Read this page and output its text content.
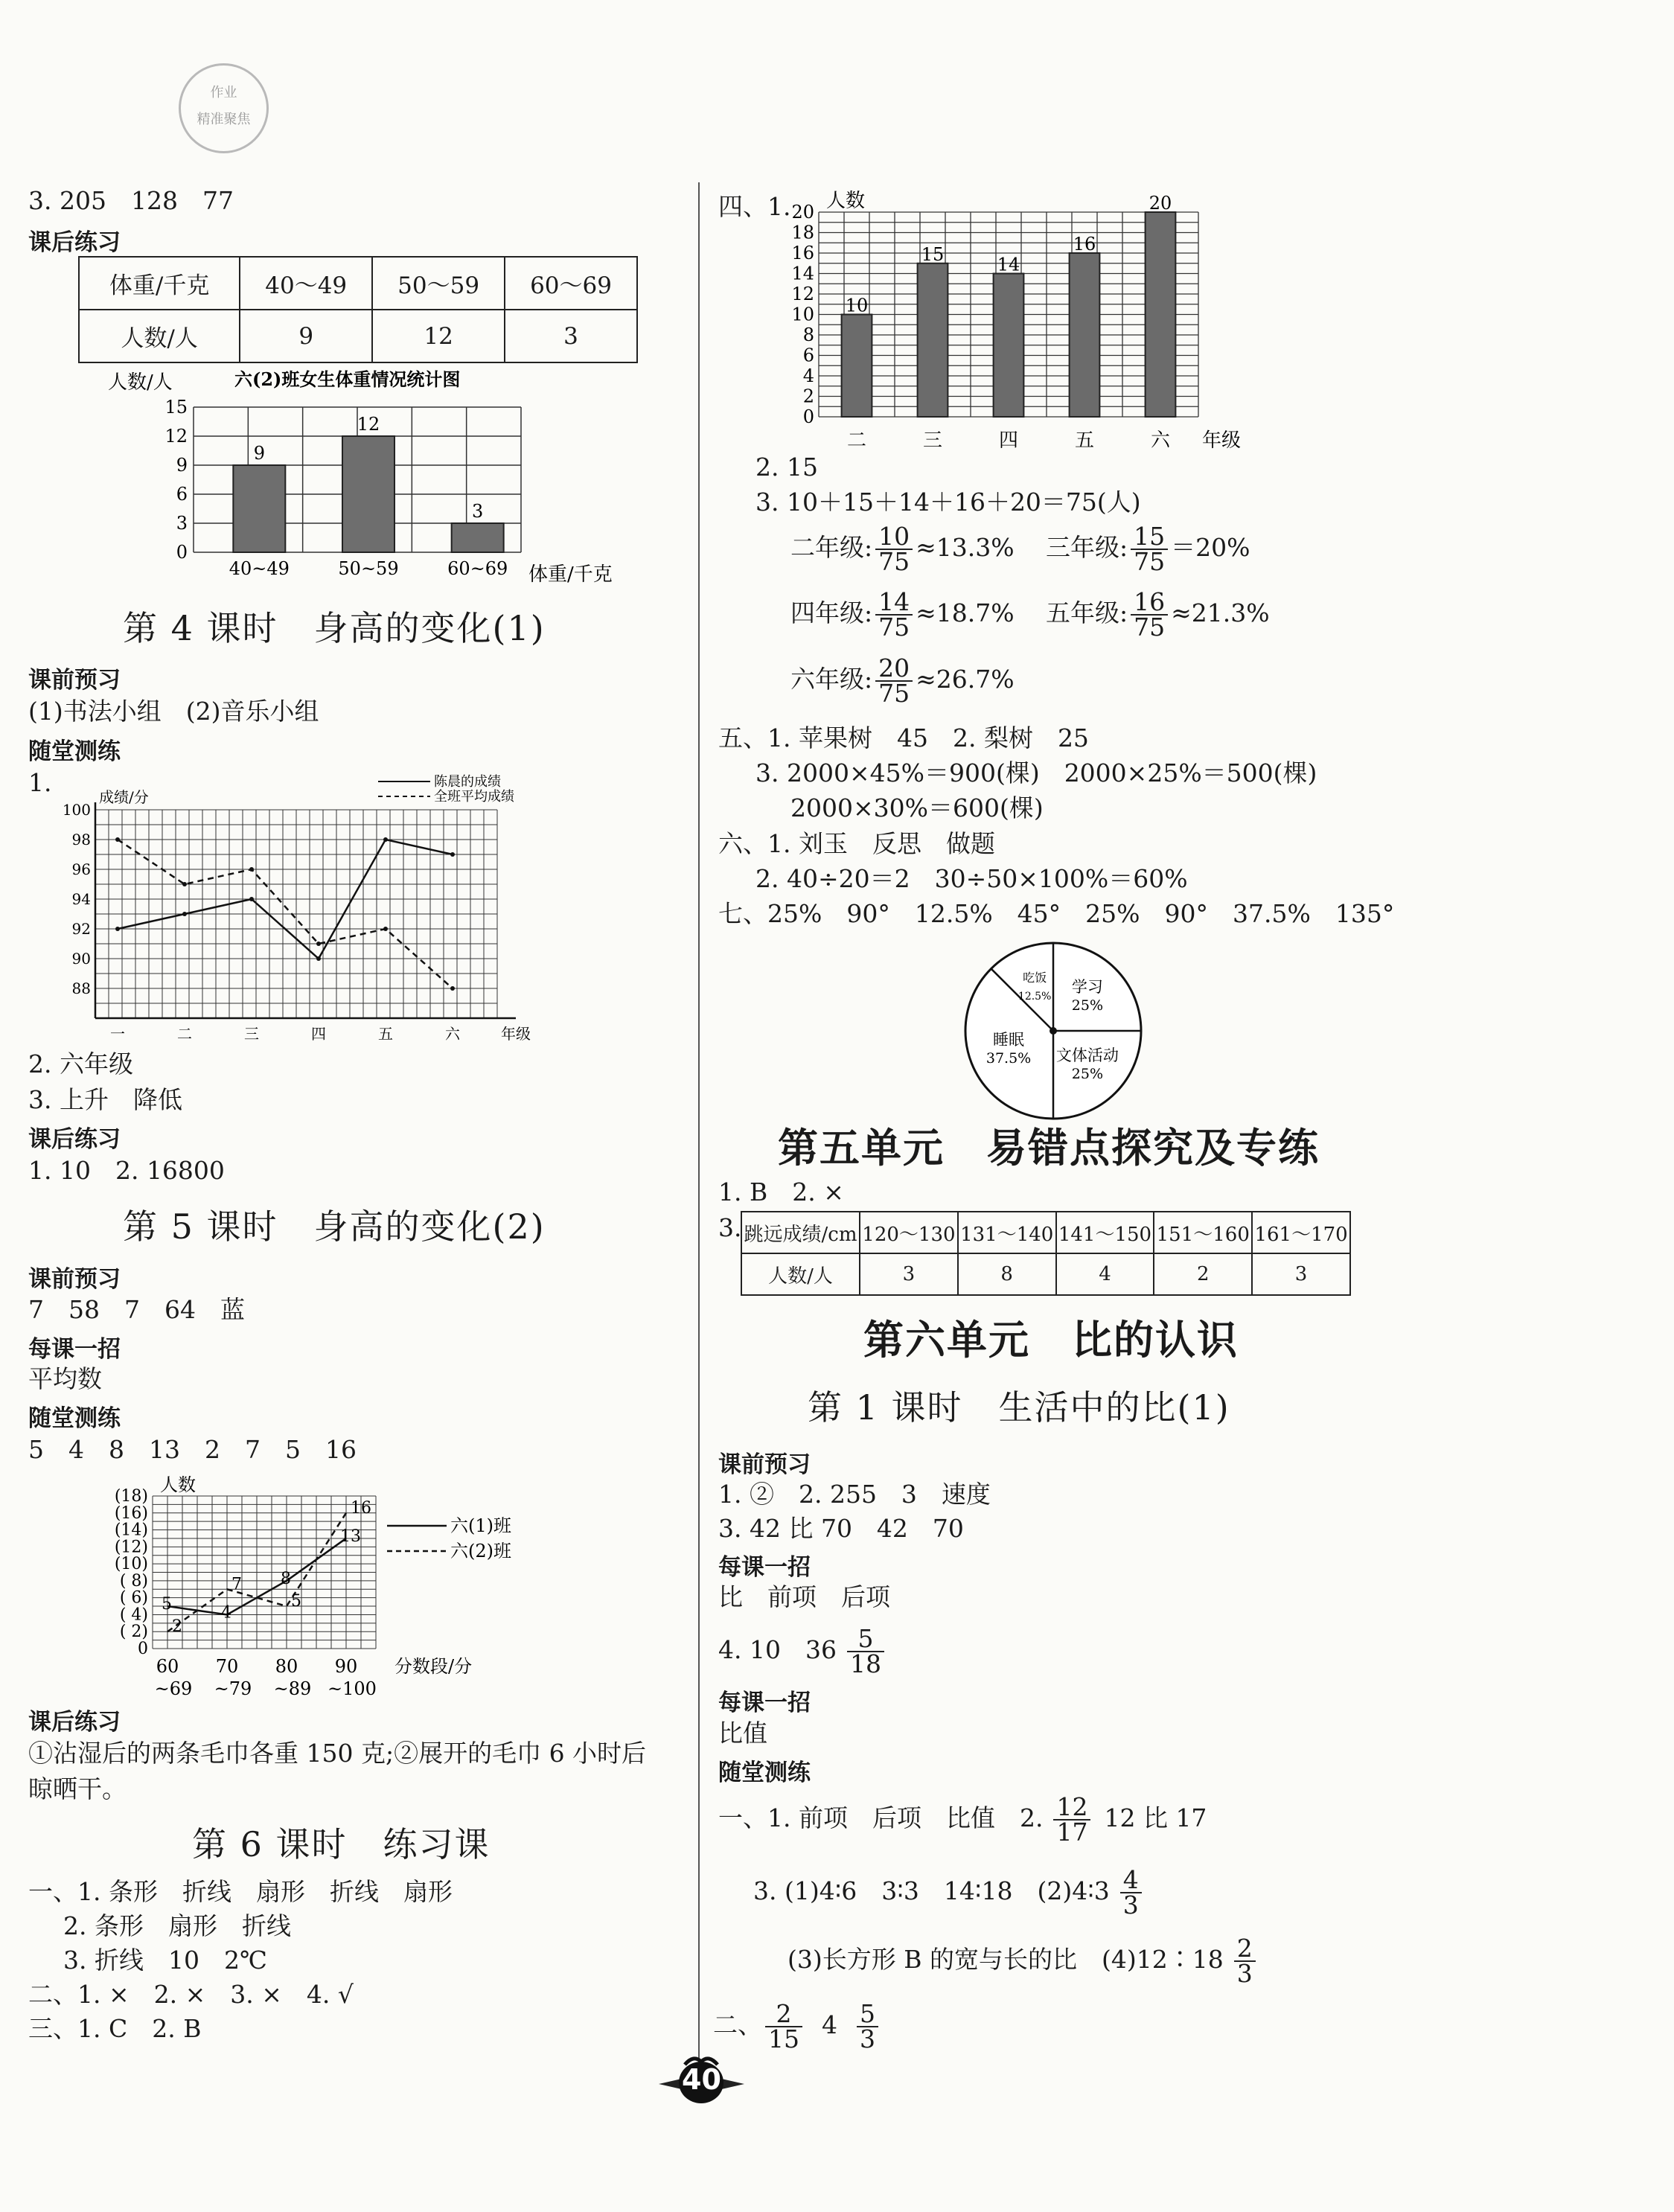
作业
精准聚焦
3. 205　128　77
课后练习
体重/千克	40～49	50～59	60～69
人数/人	9	12	3
0
3
6
9
12
15
人数/人	六(2)班女生体重情况统计图
体重/千克
9
40~49
12
50~59
3
60~69
第 4 课时　身高的变化(1)
课前预习
(1)书法小组　(2)音乐小组
随堂测练
1.
88
90
92
94
96
98
100
成绩/分
年级
一	二	三	四	五	六
陈晨的成绩
全班平均成绩
2. 六年级
3. 上升　降低
课后练习
1. 10　2. 16800
第 5 课时　身高的变化(2)
课前预习
7　58　7　64　蓝
每课一招
平均数
随堂测练
5　4　8　13　2　7　5　16
0
( 2)
( 4)
( 6)
( 8)
(10)
(12)
(14)
(16)
(18)
人数
分数段/分
60
~69
70
~79
80
~89
90
~100
5	4
8
13
六(1)班
2
7
5
16
六(2)班
课后练习
①沾湿后的两条毛巾各重 150 克;②展开的毛巾 6 小时后
晾晒干。
第 6 课时　练习课
一、1. 条形　折线　扇形　折线　扇形
2. 条形　扇形　折线
3. 折线　10　2℃
二、1. ×　2. ×　3. ×　4. √
三、1. C　2. B
四、1.
0
2
4
6
8
10
12
14
16
18
20 人数
年级
10
二
15
三
14
四
16
五
20
六
2. 15
3. 10＋15＋14＋16＋20＝75(人)
二年级: $\frac{10}{75} \approx 13.3\%$ 三年级: $\frac{15}{75} =20\%$
四年级: $\frac{14}{75} \approx 18.7\%$ 五年级: $\frac{16}{75} \approx 21.3\%$
六年级: $\frac{20}{75} \approx 26.7\%$
五、1. 苹果树　45　2. 梨树　25
3. 2000×45%＝900(棵)　2000×25%＝500(棵)
2000×30%＝600(棵)
六、1. 刘玉　反思　做题
2. 40÷20＝2　30÷50×100%＝60%
七、25%　90°　12.5%　45°　25%　90°　37.5%　135°
吃饭
12.5%
学习
25%
文体活动
25%
睡眠
37.5%
第五单元　易错点探究及专练
1. B　2. ×
3. 跳远成绩/cm	120～130	131～140	141～150	151～160	161～170
人数/人	3	8	4	2	3
第六单元　比的认识
第 1 课时　生活中的比(1)
课前预习
1. ②　2. 255　3　速度
3. 42 比 70　42　70
每课一招
比　前项　后项
4. 10　$36 \frac{5}{18}$
每课一招
比值
随堂测练
一、1. 前项　后项　比值　2. $\frac{12}{17} 12$ 比 17
3. (1)4∶6　3∶3　14∶18　(2)4∶3 $\frac{4}{3}$
(3)长方形 B 的宽与长的比　(4)12∶18 $\frac{2}{3}$
二、 $\frac{2}{15} 4 \frac{5}{3}$
40
